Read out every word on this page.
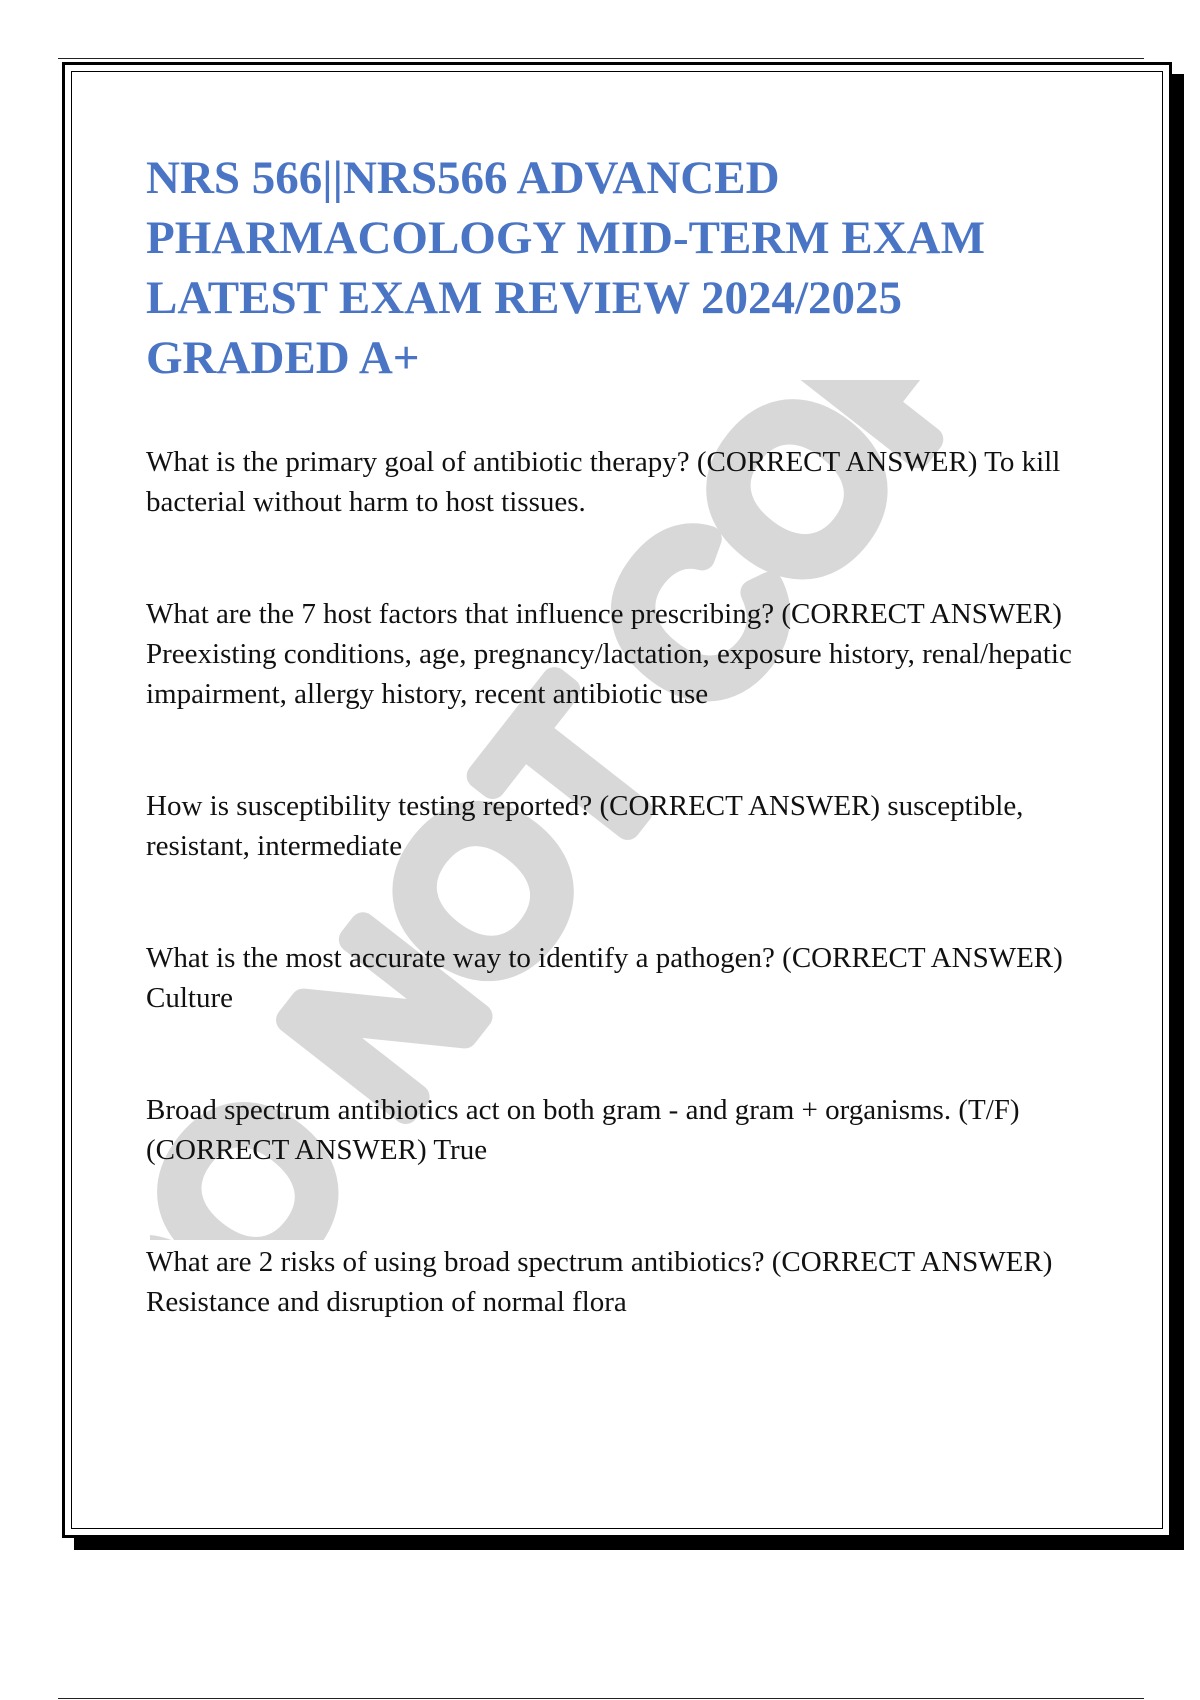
NOT COPY
NRS 566||NRS566 ADVANCED PHARMACOLOGY MID-TERM EXAM LATEST EXAM REVIEW 2024/2025 GRADED A+

What is the primary goal of antibiotic therapy? (CORRECT ANSWER) To kill bacterial without harm to host tissues.

What are the 7 host factors that influence prescribing? (CORRECT ANSWER) Preexisting conditions, age, pregnancy/lactation, exposure history, renal/hepatic impairment, allergy history, recent antibiotic use

How is susceptibility testing reported? (CORRECT ANSWER) susceptible, resistant, intermediate

What is the most accurate way to identify a pathogen? (CORRECT ANSWER) Culture

Broad spectrum antibiotics act on both gram - and gram + organisms. (T/F) (CORRECT ANSWER) True

What are 2 risks of using broad spectrum antibiotics? (CORRECT ANSWER) Resistance and disruption of normal flora
